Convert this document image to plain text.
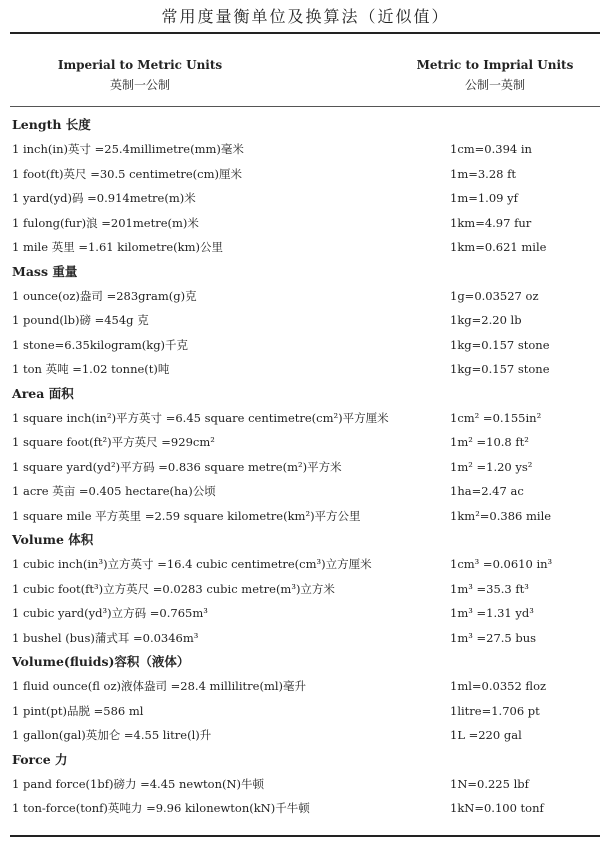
常用度量衡单位及换算法（近似值）
Imperial to Metric Units
英制一公制
Metric to Imprial Units
公制一英制
Length 长度
1 inch(in)英寸 =25.4millimetre(mm)毫米	1cm=0.394 in
1 foot(ft)英尺 =30.5 centimetre(cm)厘米	1m=3.28 ft
1 yard(yd)码 =0.914metre(m)米	1m=1.09 yf
1 fulong(fur)浪 =201metre(m)米	1km=4.97 fur
1 mile 英里 =1.61 kilometre(km)公里	1km=0.621 mile
Mass 重量
1 ounce(oz)盎司 =283gram(g)克	1g=0.03527 oz
1 pound(lb)磅 =454g 克	1kg=2.20 lb
1 stone=6.35kilogram(kg)千克	1kg=0.157 stone
1 ton 英吨 =1.02 tonne(t)吨	1kg=0.157 stone
Area 面积
1 square inch(in²)平方英寸 =6.45 square centimetre(cm²)平方厘米	1cm² =0.155in²
1 square foot(ft²)平方英尺 =929cm²	1m² =10.8 ft²
1 square yard(yd²)平方码 =0.836 square metre(m²)平方米	1m² =1.20 ys²
1 acre 英亩 =0.405 hectare(ha)公顷	1ha=2.47 ac
1 square mile 平方英里 =2.59 square kilometre(km²)平方公里	1km²=0.386 mile
Volume 体积
1 cubic inch(in³)立方英寸 =16.4 cubic centimetre(cm³)立方厘米	1cm³ =0.0610 in³
1 cubic foot(ft³)立方英尺 =0.0283 cubic metre(m³)立方米	1m³ =35.3 ft³
1 cubic yard(yd³)立方码 =0.765m³	1m³ =1.31 yd³
1 bushel (bus)蒲式耳 =0.0346m³	1m³ =27.5 bus
Volume(fluids)容积（液体）
1 fluid ounce(fl oz)液体盎司 =28.4 millilitre(ml)毫升	1ml=0.0352 floz
1 pint(pt)品脱 =586 ml	1litre=1.706 pt
1 gallon(gal)英加仑 =4.55 litre(l)升	1L =220 gal
Force 力
1 pand force(1bf)磅力 =4.45 newton(N)牛顿	1N=0.225 lbf
1 ton-force(tonf)英吨力 =9.96 kilonewton(kN)千牛顿	1kN=0.100 tonf
